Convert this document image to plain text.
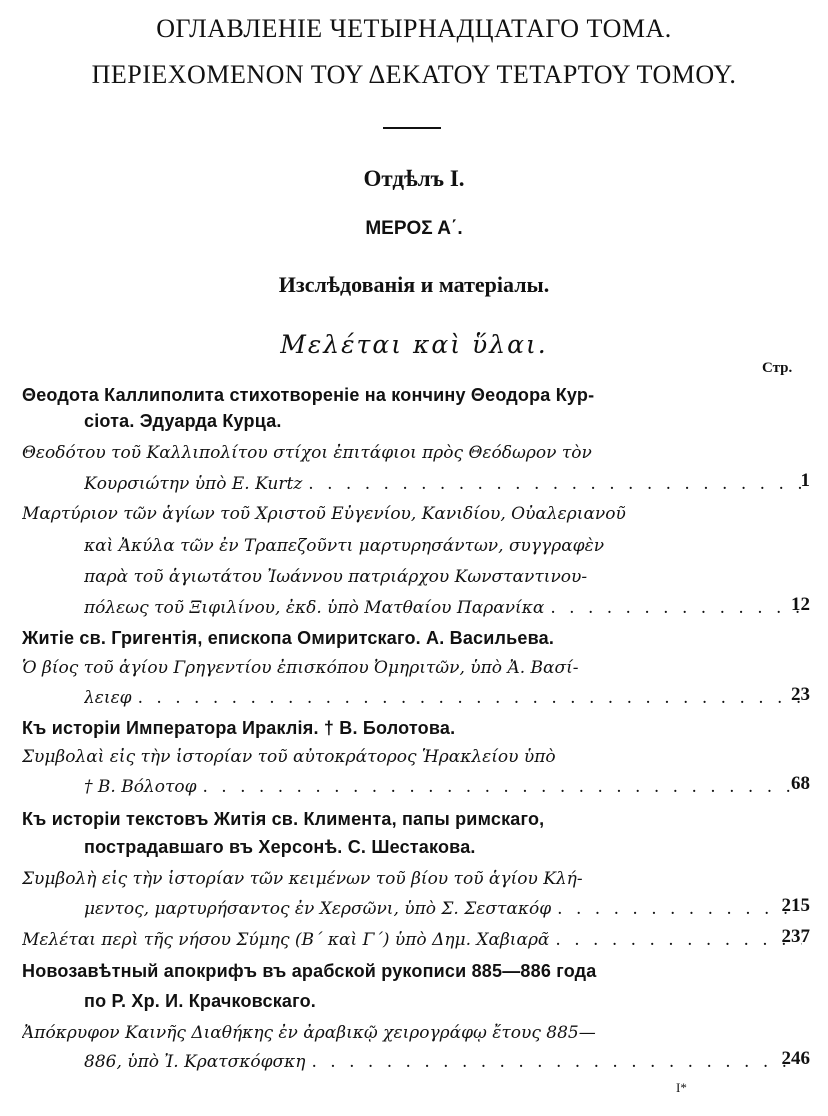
ОГЛАВЛЕНІЕ ЧЕТЫРНАДЦАТАГО ТОМА.
ΠΕΡΙΕΧΟΜΕΝΟΝ ΤΟΥ ΔΕΚΑΤΟΥ ΤΕΤΑΡΤΟΥ ΤΟΜΟΥ.
Отдѣлъ I.
ΜΕΡΟΣ Α΄.
Изслѣдованія и матеріалы.
Μελέται καὶ ὕλαι.
Стр.
Θеодота Каллиполита стихотвореніе на кончину Θеодора Кур-
сіота. Эдуарда Курца.
Θεοδότου τοῦ Καλλιπολίτου στίχοι ἐπιτάφιοι πρὸς Θεόδωρον τὸν
Κουρσιώτην ὑπὸ Ε. Kurtz . . .	1
Μαρτύριον τῶν ἁγίων τοῦ Χριστοῦ Εὐγενίου, Κανιδίου, Οὐαλεριανοῦ
καὶ Ἀκύλα τῶν ἐν Τραπεζοῦντι μαρτυρησάντων, συγγραφὲν
παρὰ τοῦ ἁγιωτάτου Ἰωάννου πατριάρχου Κωνσταντινου-
πόλεως τοῦ Ξιφιλίνου, ἐκδ. ὑπὸ Ματθαίου Παρανίκα . . .	12
Житіе св. Григентія, епископа Омиритскаго. А. Васильева.
Ὁ βίος τοῦ ἁγίου Γρηγεντίου ἐπισκόπου Ὀμηριτῶν, ὑπὸ Ἀ. Βασί-
λειεφ . . .	23
Къ исторіи Императора Ираклія. † В. Болотова.
Συμβολαὶ εἰς τὴν ἱστορίαν τοῦ αὐτοκράτορος Ἡρακλείου ὑπὸ
† Β. Βόλοτοφ . . .	68
Къ исторіи текстовъ Житія св. Климента, папы римскаго,
пострадавшаго въ Херсонѣ. С. Шестакова.
Συμβολὴ εἰς τὴν ἱστορίαν τῶν κειμένων τοῦ βίου τοῦ ἁγίου Κλή-
μεντος, μαρτυρήσαντος ἐν Χερσῶνι, ὑπὸ Σ. Σεστακόφ . . .	215
Μελέται περὶ τῆς νήσου Σύμης (Β΄ καὶ Γ΄) ὑπὸ Δημ. Χαβιαρᾶ . . .	237
Новозавѣтный апокрифъ въ арабской рукописи 885—886 года
по Р. Хр. И. Крачковскаго.
Ἀπόκρυφον Καινῆς Διαθήκης ἐν ἀραβικῷ χειρογράφῳ ἔτους 885—
886, ὑπὸ Ἰ. Κρατσκόφσκη . . .	246
I*
